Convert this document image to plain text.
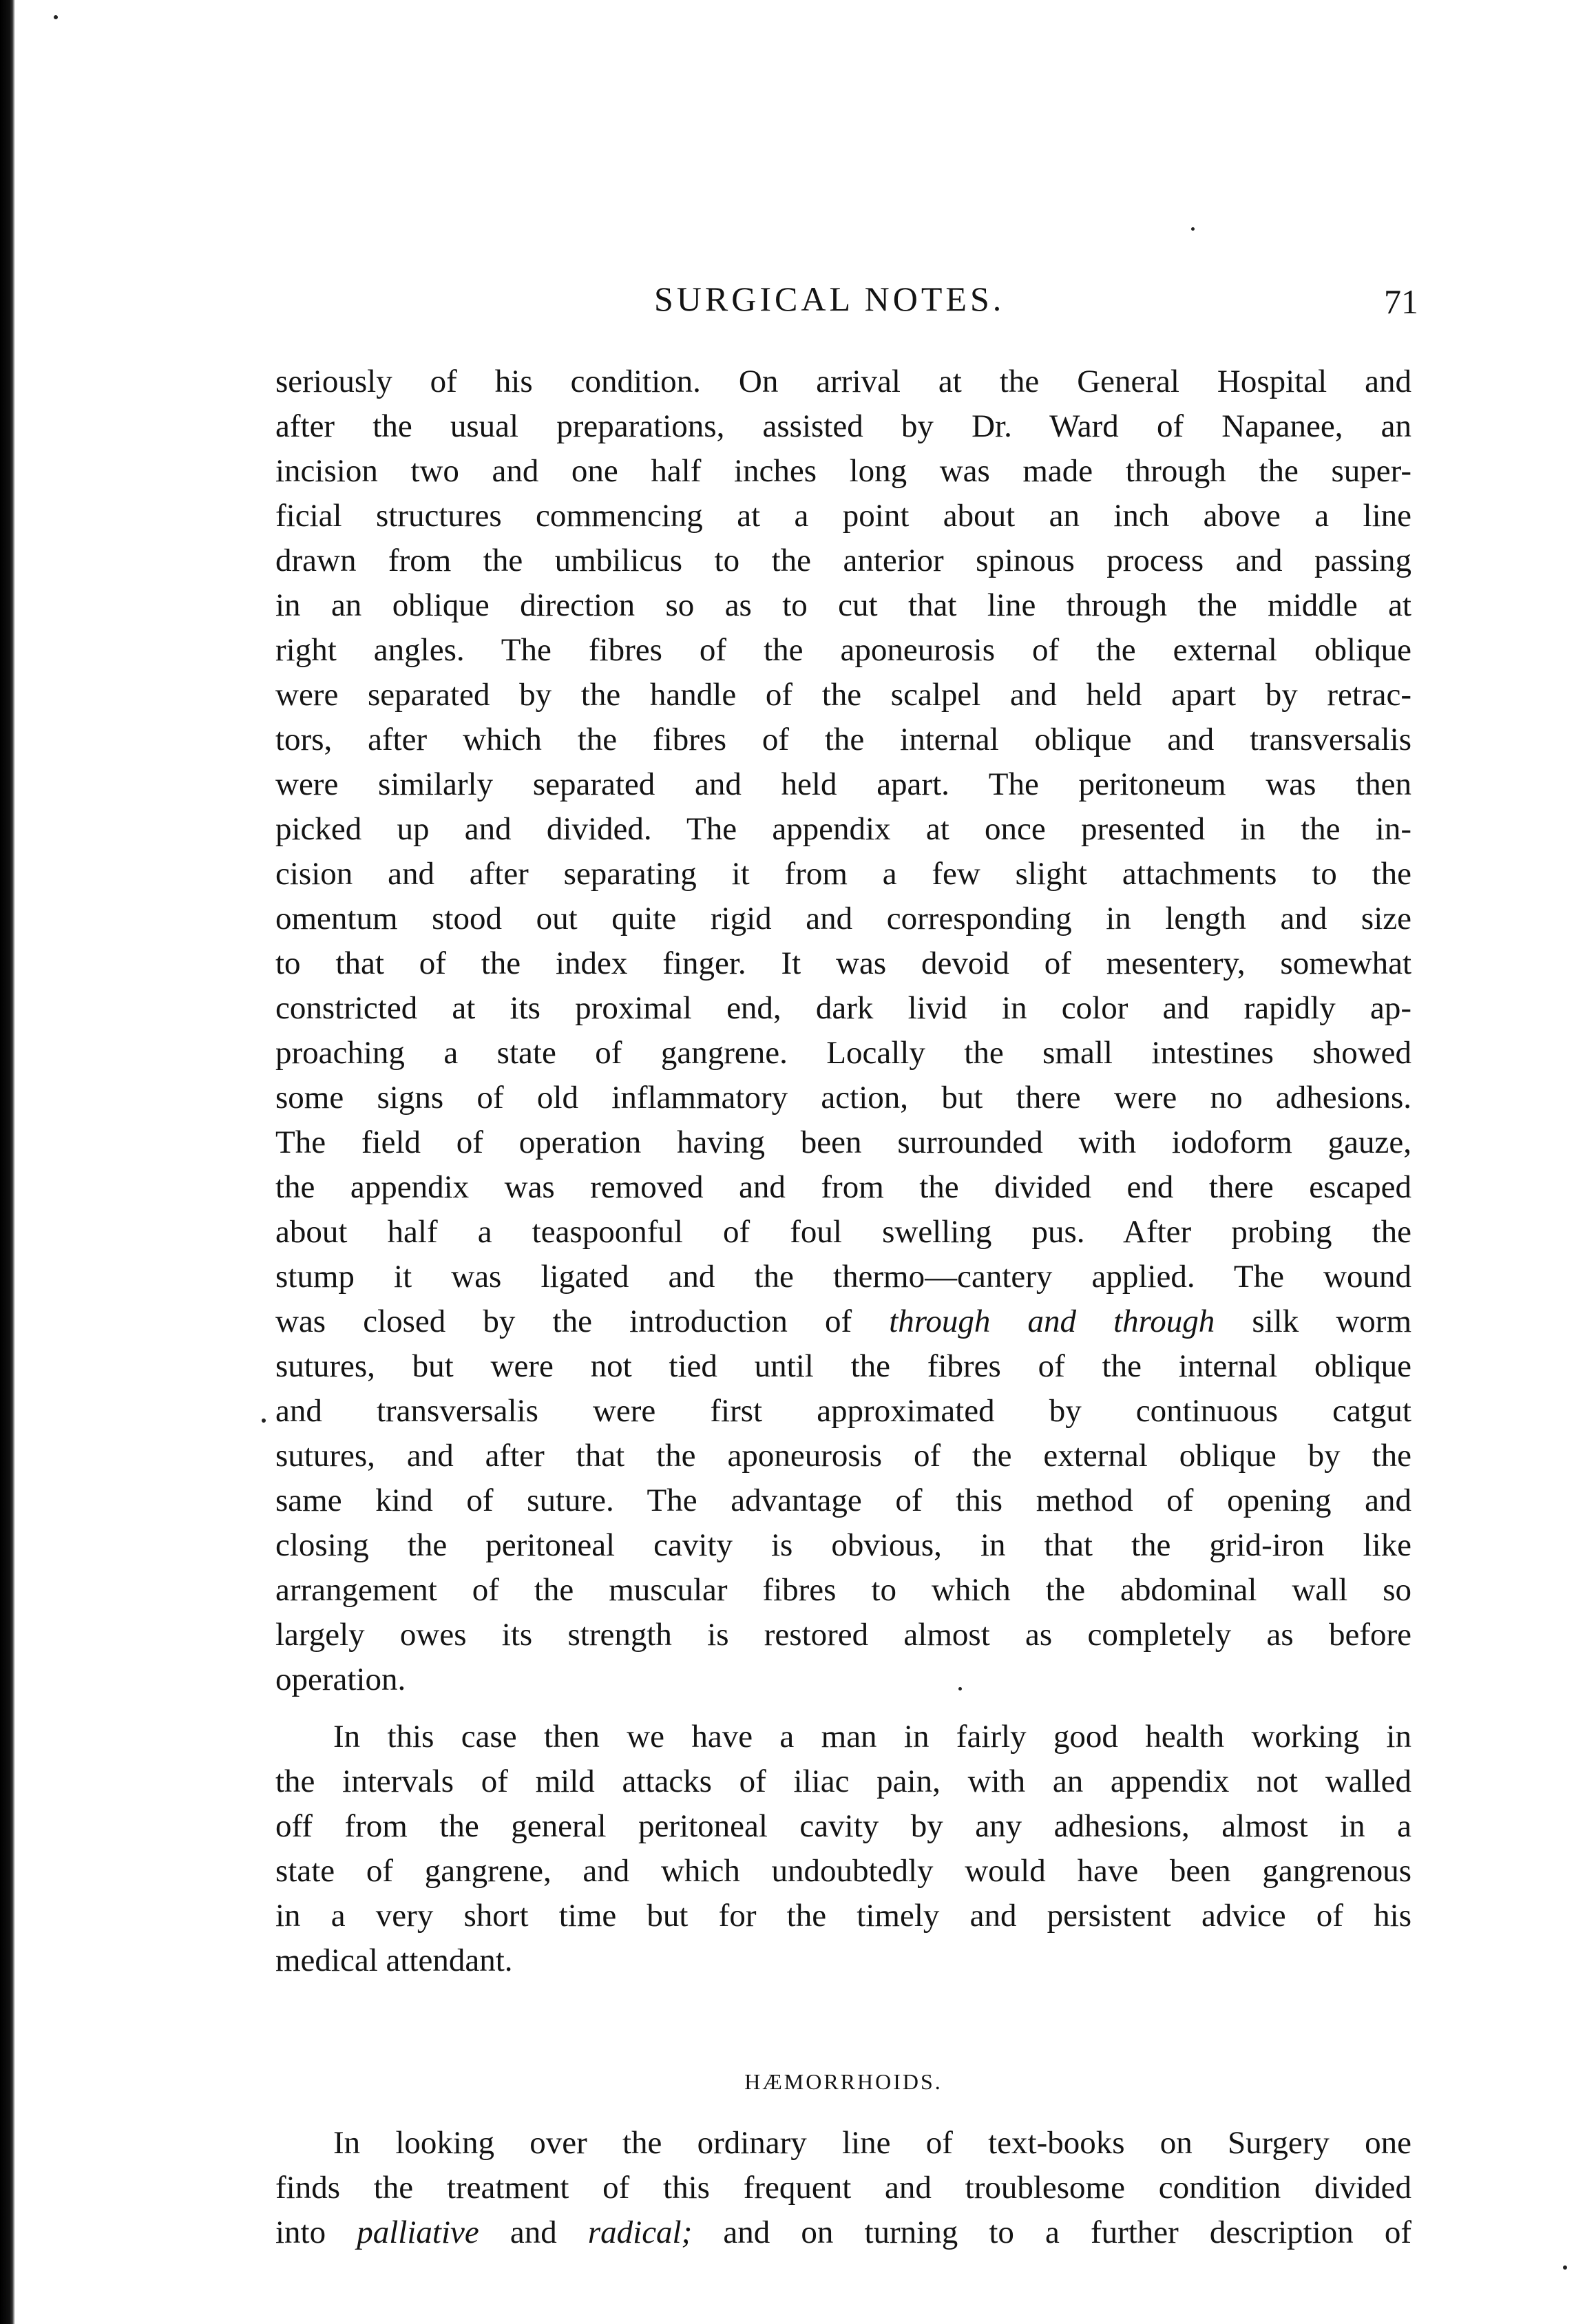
SURGICAL NOTES.	71
seriously of his condition. On arrival at the General Hospital and
after the usual preparations, assisted by Dr. Ward of Napanee, an
incision two and one half inches long was made through the super-
ficial structures commencing at a point about an inch above a line
drawn from the umbilicus to the anterior spinous process and passing
in an oblique direction so as to cut that line through the middle at
right angles. The fibres of the aponeurosis of the external oblique
were separated by the handle of the scalpel and held apart by retrac-
tors, after which the fibres of the internal oblique and transversalis
were similarly separated and held apart. The peritoneum was then
picked up and divided. The appendix at once presented in the in-
cision and after separating it from a few slight attachments to the
omentum stood out quite rigid and corresponding in length and size
to that of the index finger. It was devoid of mesentery, somewhat
constricted at its proximal end, dark livid in color and rapidly ap-
proaching a state of gangrene. Locally the small intestines showed
some signs of old inflammatory action, but there were no adhesions.
The field of operation having been surrounded with iodoform gauze,
the appendix was removed and from the divided end there escaped
about half a teaspoonful of foul swelling pus. After probing the
stump it was ligated and the thermo—cantery applied. The wound
was closed by the introduction of through and through silk worm
sutures, but were not tied until the fibres of the internal oblique
and transversalis were first approximated by continuous catgut
sutures, and after that the aponeurosis of the external oblique by the
same kind of suture. The advantage of this method of opening and
closing the peritoneal cavity is obvious, in that the grid-iron like
arrangement of the muscular fibres to which the abdominal wall so
largely owes its strength is restored almost as completely as before
operation.
In this case then we have a man in fairly good health working in
the intervals of mild attacks of iliac pain, with an appendix not walled
off from the general peritoneal cavity by any adhesions, almost in a
state of gangrene, and which undoubtedly would have been gangrenous
in a very short time but for the timely and persistent advice of his
medical attendant.
HÆMORRHOIDS.
In looking over the ordinary line of text-books on Surgery one
finds the treatment of this frequent and troublesome condition divided
into palliative and radical; and on turning to a further description of
